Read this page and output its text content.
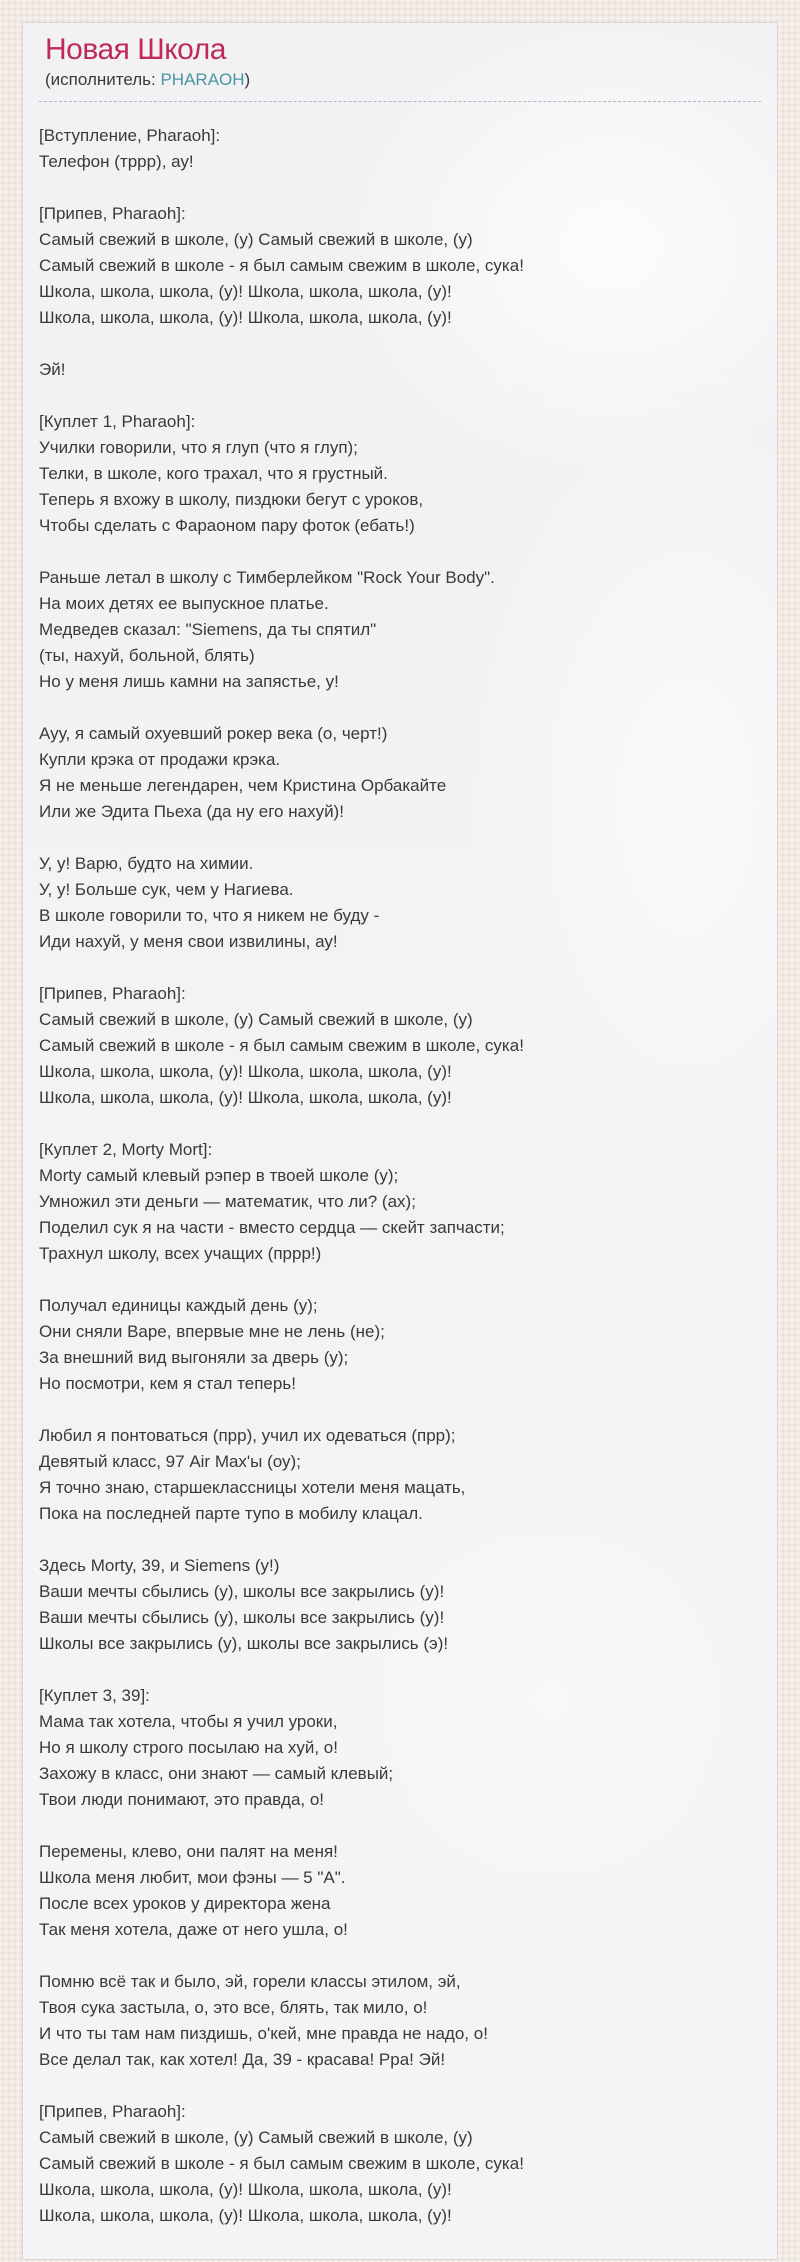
Новая Школа
(исполнитель: PHARAOH)
[Вступление, Pharaoh]:
Телефон (тррр), ау!
[Припев, Pharaoh]:
Самый свежий в школе, (у) Самый свежий в школе, (у)
Самый свежий в школе - я был самым свежим в школе, сука!
Школа, школа, школа, (у)! Школа, школа, школа, (у)!
Школа, школа, школа, (у)! Школа, школа, школа, (у)!
Эй!
[Куплет 1, Pharaoh]:
Училки говорили, что я глуп (что я глуп);
Телки, в школе, кого трахал, что я грустный.
Теперь я вхожу в школу, пиздюки бегут с уроков,
Чтобы сделать с Фараоном пару фоток (ебать!)
Раньше летал в школу с Тимберлейком "Rock Your Body".
На моих детях ее выпускное платье.
Медведев сказал: "Siemens, да ты спятил"
(ты, нахуй, больной, блять)
Но у меня лишь камни на запястье, у!
Ауу, я самый охуевший рокер века (о, черт!)
Купли крэка от продажи крэка.
Я не меньше легендарен, чем Кристина Орбакайте
Или же Эдита Пьеха (да ну его нахуй)!
У, у! Варю, будто на химии.
У, у! Больше сук, чем у Нагиева.
В школе говорили то, что я никем не буду -
Иди нахуй, у меня свои извилины, ау!
[Припев, Pharaoh]:
Самый свежий в школе, (у) Самый свежий в школе, (у)
Самый свежий в школе - я был самым свежим в школе, сука!
Школа, школа, школа, (у)! Школа, школа, школа, (у)!
Школа, школа, школа, (у)! Школа, школа, школа, (у)!
[Куплет 2, Morty Mort]:
Morty самый клевый рэпер в твоей школе (у);
Умножил эти деньги — математик, что ли? (ах);
Поделил сук я на части - вместо сердца — скейт запчасти;
Трахнул школу, всех учащих (пррр!)
Получал единицы каждый день (у);
Они сняли Варе, впервые мне не лень (не);
За внешний вид выгоняли за дверь (у);
Но посмотри, кем я стал теперь!
Любил я понтоваться (прр), учил их одеваться (прр);
Девятый класс, 97 Air Max'ы (оу);
Я точно знаю, старшеклассницы хотели меня мацать,
Пока на последней парте тупо в мобилу клацал.
Здесь Morty, 39, и Siemens (у!)
Ваши мечты сбылись (у), школы все закрылись (у)!
Ваши мечты сбылись (у), школы все закрылись (у)!
Школы все закрылись (у), школы все закрылись (э)!
[Куплет 3, 39]:
Мама так хотела, чтобы я учил уроки,
Но я школу строго посылаю на хуй, о!
Захожу в класс, они знают — самый клевый;
Твои люди понимают, это правда, о!
Перемены, клево, они палят на меня!
Школа меня любит, мои фэны — 5 "А".
После всех уроков у директора жена
Так меня хотела, даже от него ушла, о!
Помню всё так и было, эй, горели классы этилом, эй,
Твоя сука застыла, о, это все, блять, так мило, о!
И что ты там нам пиздишь, о'кей, мне правда не надо, о!
Все делал так, как хотел! Да, 39 - красава! Рра! Эй!
[Припев, Pharaoh]:
Самый свежий в школе, (у) Самый свежий в школе, (у)
Самый свежий в школе - я был самым свежим в школе, сука!
Школа, школа, школа, (у)! Школа, школа, школа, (у)!
Школа, школа, школа, (у)! Школа, школа, школа, (у)!
